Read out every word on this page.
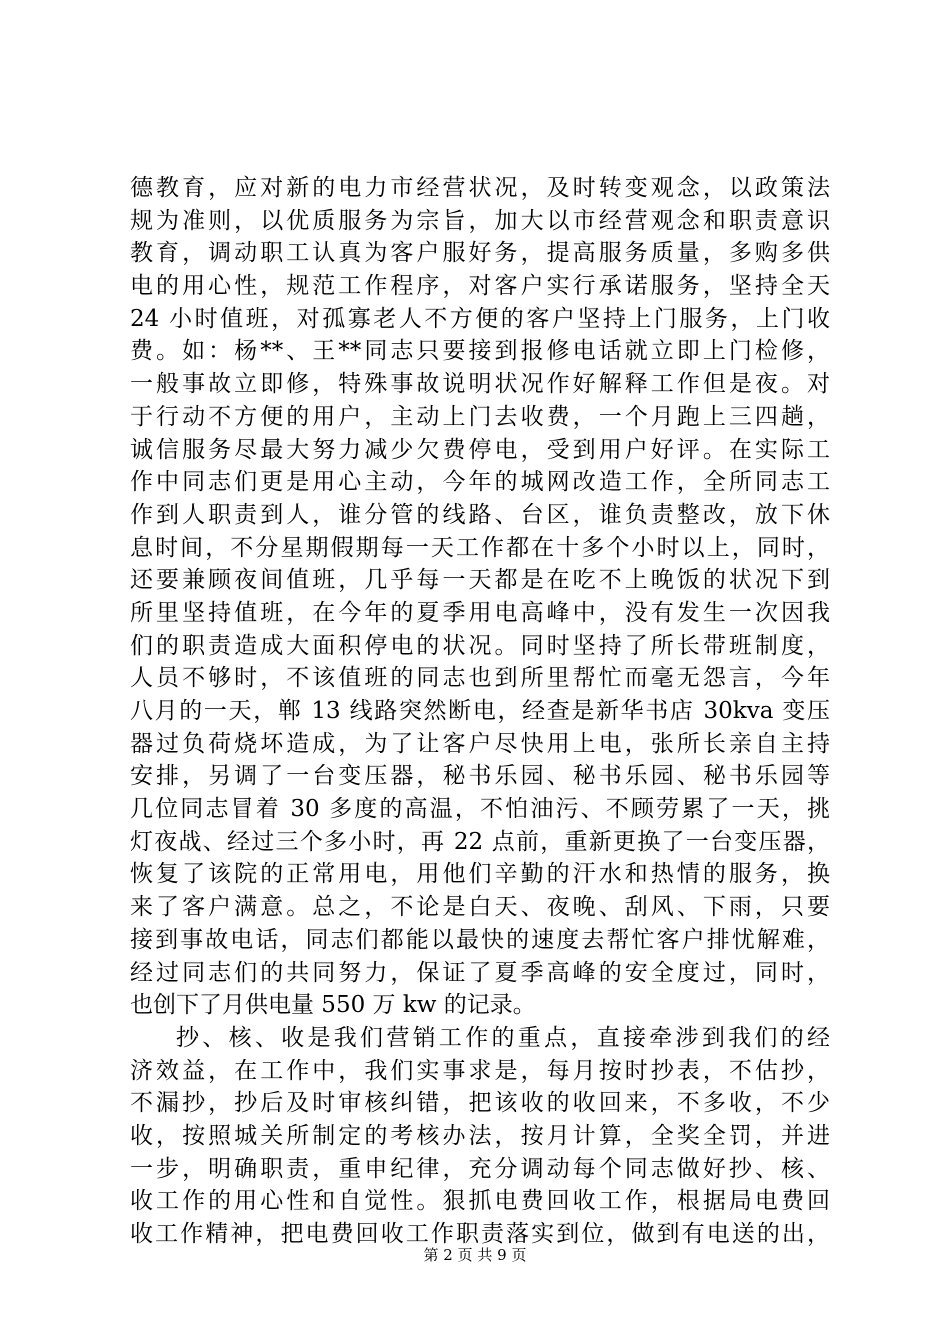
德教育，应对新的电力市经营状况，及时转变观念，以政策法
规为准则，以优质服务为宗旨，加大以市经营观念和职责意识
教育，调动职工认真为客户服好务，提高服务质量，多购多供
电的用心性，规范工作程序，对客户实行承诺服务，坚持全天
24 小时值班，对孤寡老人不方便的客户坚持上门服务，上门收
费。如：杨**、王**同志只要接到报修电话就立即上门检修，
一般事故立即修，特殊事故说明状况作好解释工作但是夜。对
于行动不方便的用户，主动上门去收费，一个月跑上三四趟，
诚信服务尽最大努力减少欠费停电，受到用户好评。在实际工
作中同志们更是用心主动，今年的城网改造工作，全所同志工
作到人职责到人，谁分管的线路、台区，谁负责整改，放下休
息时间，不分星期假期每一天工作都在十多个小时以上，同时，
还要兼顾夜间值班，几乎每一天都是在吃不上晚饭的状况下到
所里坚持值班，在今年的夏季用电高峰中，没有发生一次因我
们的职责造成大面积停电的状况。同时坚持了所长带班制度，
人员不够时，不该值班的同志也到所里帮忙而毫无怨言，今年
八月的一天，郸 13 线路突然断电，经查是新华书店 30kva 变压
器过负荷烧坏造成，为了让客户尽快用上电，张所长亲自主持
安排，另调了一台变压器，秘书乐园、秘书乐园、秘书乐园等
几位同志冒着 30 多度的高温，不怕油污、不顾劳累了一天，挑
灯夜战、经过三个多小时，再 22 点前，重新更换了一台变压器，
恢复了该院的正常用电，用他们辛勤的汗水和热情的服务，换
来了客户满意。总之，不论是白天、夜晚、刮风、下雨，只要
接到事故电话，同志们都能以最快的速度去帮忙客户排忧解难，
经过同志们的共同努力，保证了夏季高峰的安全度过，同时，
也创下了月供电量 550 万 kw 的记录。
抄、核、收是我们营销工作的重点，直接牵涉到我们的经
济效益，在工作中，我们实事求是，每月按时抄表，不估抄，
不漏抄，抄后及时审核纠错，把该收的收回来，不多收，不少
收，按照城关所制定的考核办法，按月计算，全奖全罚，并进
一步，明确职责，重申纪律，充分调动每个同志做好抄、核、
收工作的用心性和自觉性。狠抓电费回收工作，根据局电费回
收工作精神，把电费回收工作职责落实到位，做到有电送的出，
第 2 页 共 9 页
